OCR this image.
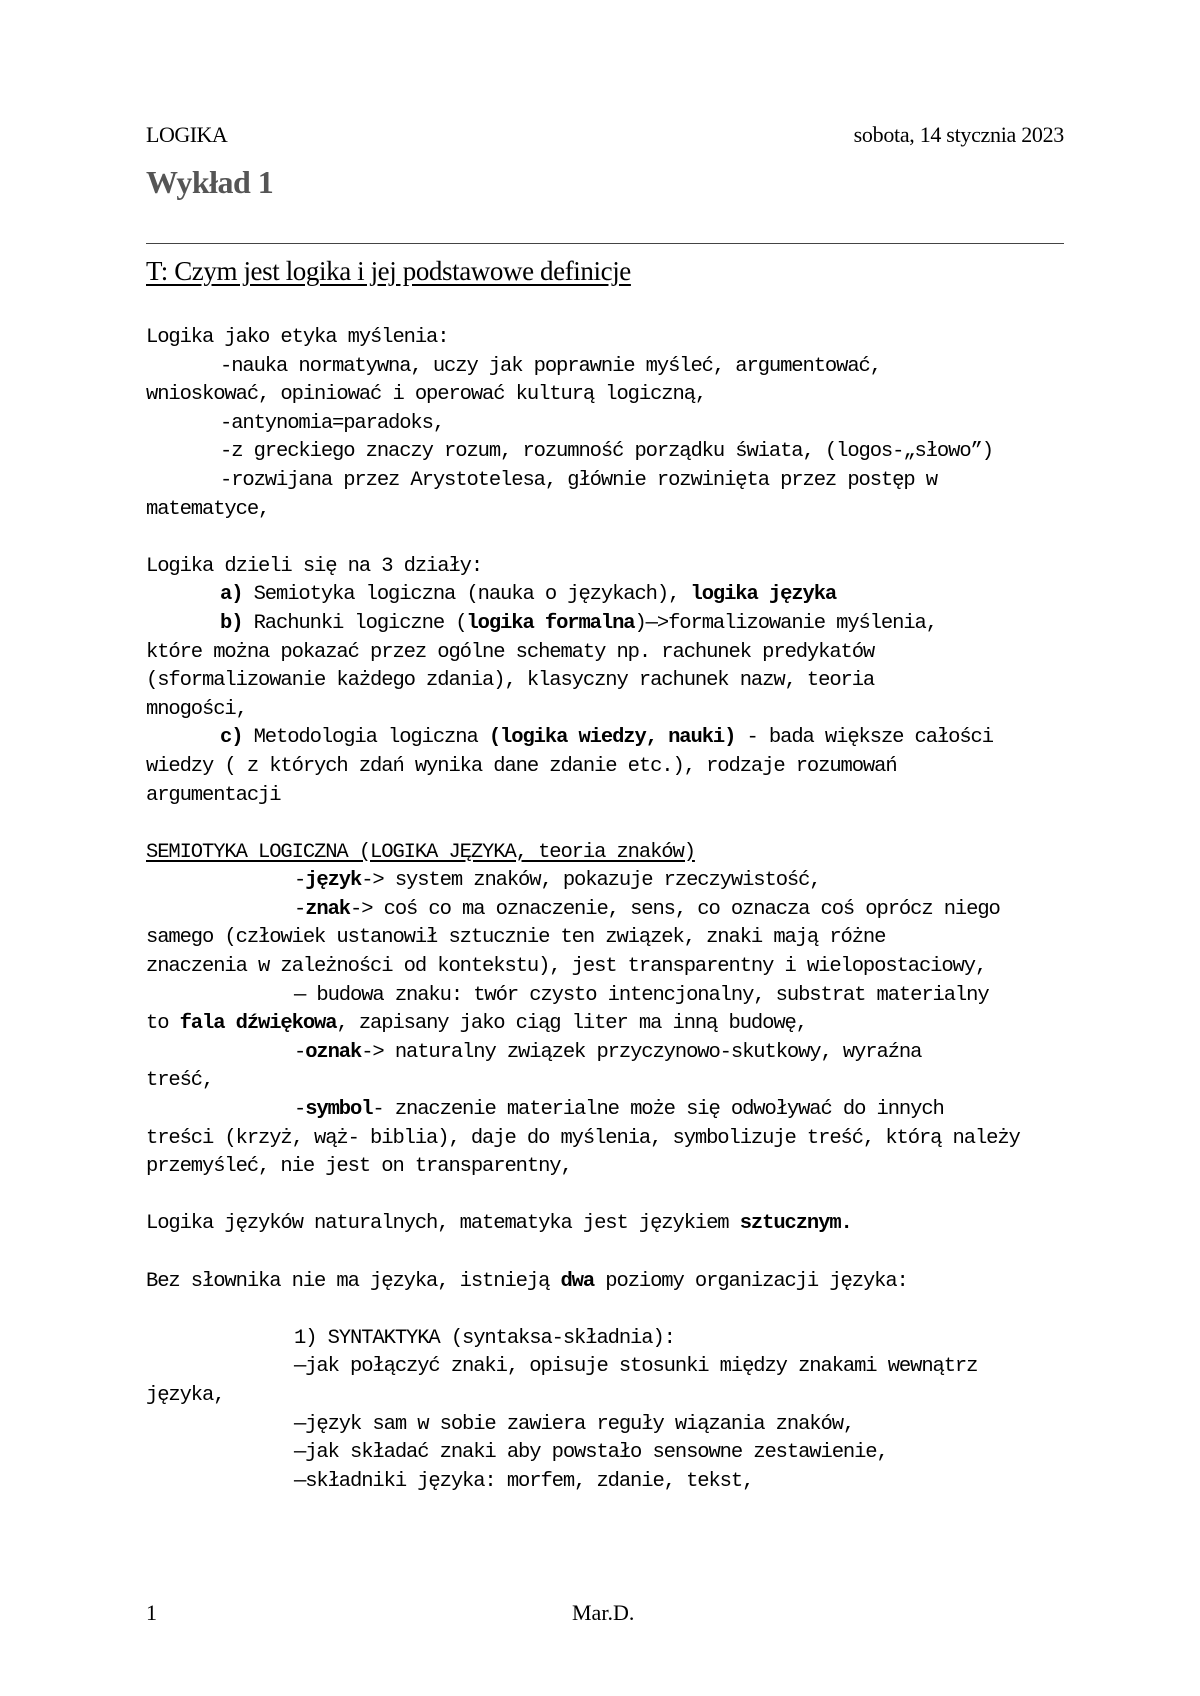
LOGIKA	sobota, 14 stycznia 2023
Wykład 1
T: Czym jest logika i jej podstawowe definicje

Logika jako etyka myślenia:

-nauka normatywna, uczy jak poprawnie myśleć, argumentować,

wnioskować, opiniować i operować kulturą logiczną,

-antynomia=paradoks,

-z greckiego znaczy rozum, rozumność porządku świata, (logos-„słowo”)

-rozwijana przez Arystotelesa, głównie rozwinięta przez postęp w

matematyce,

Logika dzieli się na 3 działy:

a) Semiotyka logiczna (nauka o językach), logika języka

b) Rachunki logiczne (logika formalna)—>formalizowanie myślenia,

które można pokazać przez ogólne schematy np. rachunek predykatów

(sformalizowanie każdego zdania), klasyczny rachunek nazw, teoria

mnogości,

c) Metodologia logiczna (logika wiedzy, nauki) - bada większe całości

wiedzy ( z których zdań wynika dane zdanie etc.), rodzaje rozumowań

argumentacji

SEMIOTYKA LOGICZNA (LOGIKA JĘZYKA, teoria znaków)

-język-> system znaków, pokazuje rzeczywistość,

-znak-> coś co ma oznaczenie, sens, co oznacza coś oprócz niego

samego (człowiek ustanowił sztucznie ten związek, znaki mają różne

znaczenia w zależności od kontekstu), jest transparentny i wielopostaciowy,

— budowa znaku: twór czysto intencjonalny, substrat materialny

to fala dźwiękowa, zapisany jako ciąg liter ma inną budowę,

-oznak-> naturalny związek przyczynowo-skutkowy, wyraźna

treść,

-symbol- znaczenie materialne może się odwoływać do innych

treści (krzyż, wąż- biblia), daje do myślenia, symbolizuje treść, którą należy

przemyśleć, nie jest on transparentny,

Logika języków naturalnych, matematyka jest językiem sztucznym.

Bez słownika nie ma języka, istnieją dwa poziomy organizacji języka:

1) SYNTAKTYKA (syntaksa-składnia):

—jak połączyć znaki, opisuje stosunki między znakami wewnątrz

języka,

—język sam w sobie zawiera reguły wiązania znaków,

—jak składać znaki aby powstało sensowne zestawienie,

—składniki języka: morfem, zdanie, tekst,

1	Mar.D.
